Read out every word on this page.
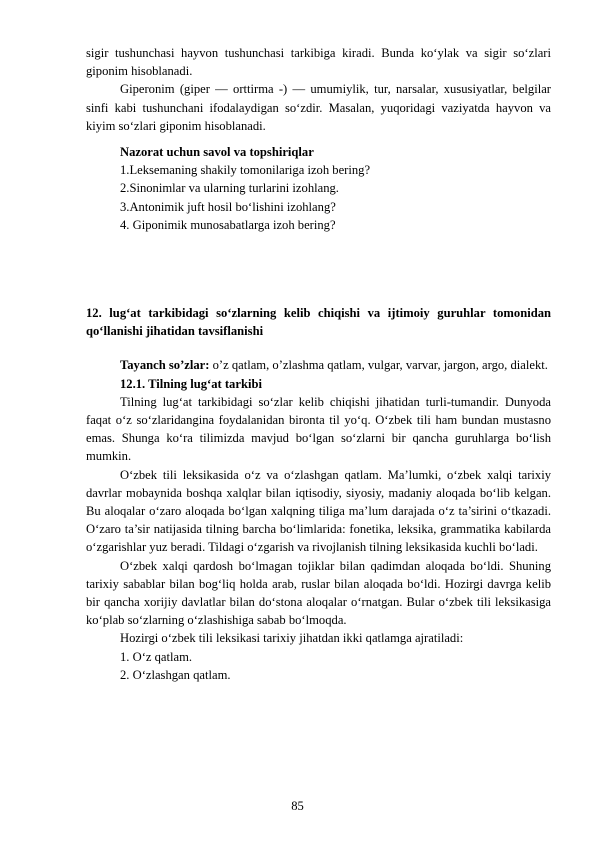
sigir tushunchasi hayvon tushunchasi tarkibiga kiradi. Bunda ko‘ylak va sigir so‘zlari giponim hisoblanadi.

Giperonim (giper — orttirma -) — umumiylik, tur, narsalar, xususiyatlar, belgilar sinfi kabi tushunchani ifodalaydigan so‘zdir. Masalan, yuqoridagi vaziyatda hayvon va kiyim so‘zlari giponim hisoblanadi.

Nazorat uchun savol va topshiriqlar

1.Leksemaning shakily tomonilariga izoh bering?

2.Sinonimlar va ularning turlarini izohlang.

3.Antonimik juft hosil bo‘lishini izohlang?

4. Giponimik munosabatlarga izoh bering?

12. lug‘at tarkibidagi so‘zlarning kelib chiqishi va ijtimoiy guruhlar tomonidan qo‘llanishi jihatidan tavsiflanishi

Tayanch so’zlar: o’z qatlam, o’zlashma qatlam, vulgar, varvar, jargon, argo, dialekt.

12.1. Tilning lug‘at tarkibi

Tilning lug‘at tarkibidagi so‘zlar kelib chiqishi jihatidan turli-tumandir. Dunyoda faqat o‘z so‘zlaridangina foydalanidan bironta til yo‘q. O‘zbek tili ham bundan mustasno emas. Shunga ko‘ra tilimizda mavjud bo‘lgan so‘zlarni bir qancha guruhlarga bo‘lish mumkin.

O‘zbek tili leksikasida o‘z va o‘zlashgan qatlam. Ma’lumki, o‘zbek xalqi tarixiy davrlar mobaynida boshqa xalqlar bilan iqtisodiy, siyosiy, madaniy aloqada bo‘lib kelgan. Bu aloqalar o‘zaro aloqada bo‘lgan xalqning tiliga ma’lum darajada o‘z ta’sirini o‘tkazadi. O‘zaro ta’sir natijasida tilning barcha bo‘limlarida: fonetika, leksika, grammatika kabilarda o‘zgarishlar yuz beradi. Tildagi o‘zgarish va rivojlanish tilning leksikasida kuchli bo‘ladi.

O‘zbek xalqi qardosh bo‘lmagan tojiklar bilan qadimdan aloqada bo‘ldi. Shuning tarixiy sabablar bilan bog‘liq holda arab, ruslar bilan aloqada bo‘ldi. Hozirgi davrga kelib bir qancha xorijiy davlatlar bilan do‘stona aloqalar o‘rnatgan. Bular o‘zbek tili leksikasiga ko‘plab so‘zlarning o‘zlashishiga sabab bo‘lmoqda.

Hozirgi o‘zbek tili leksikasi tarixiy jihatdan ikki qatlamga ajratiladi:

1. O‘z qatlam.

2. O‘zlashgan qatlam.

85
